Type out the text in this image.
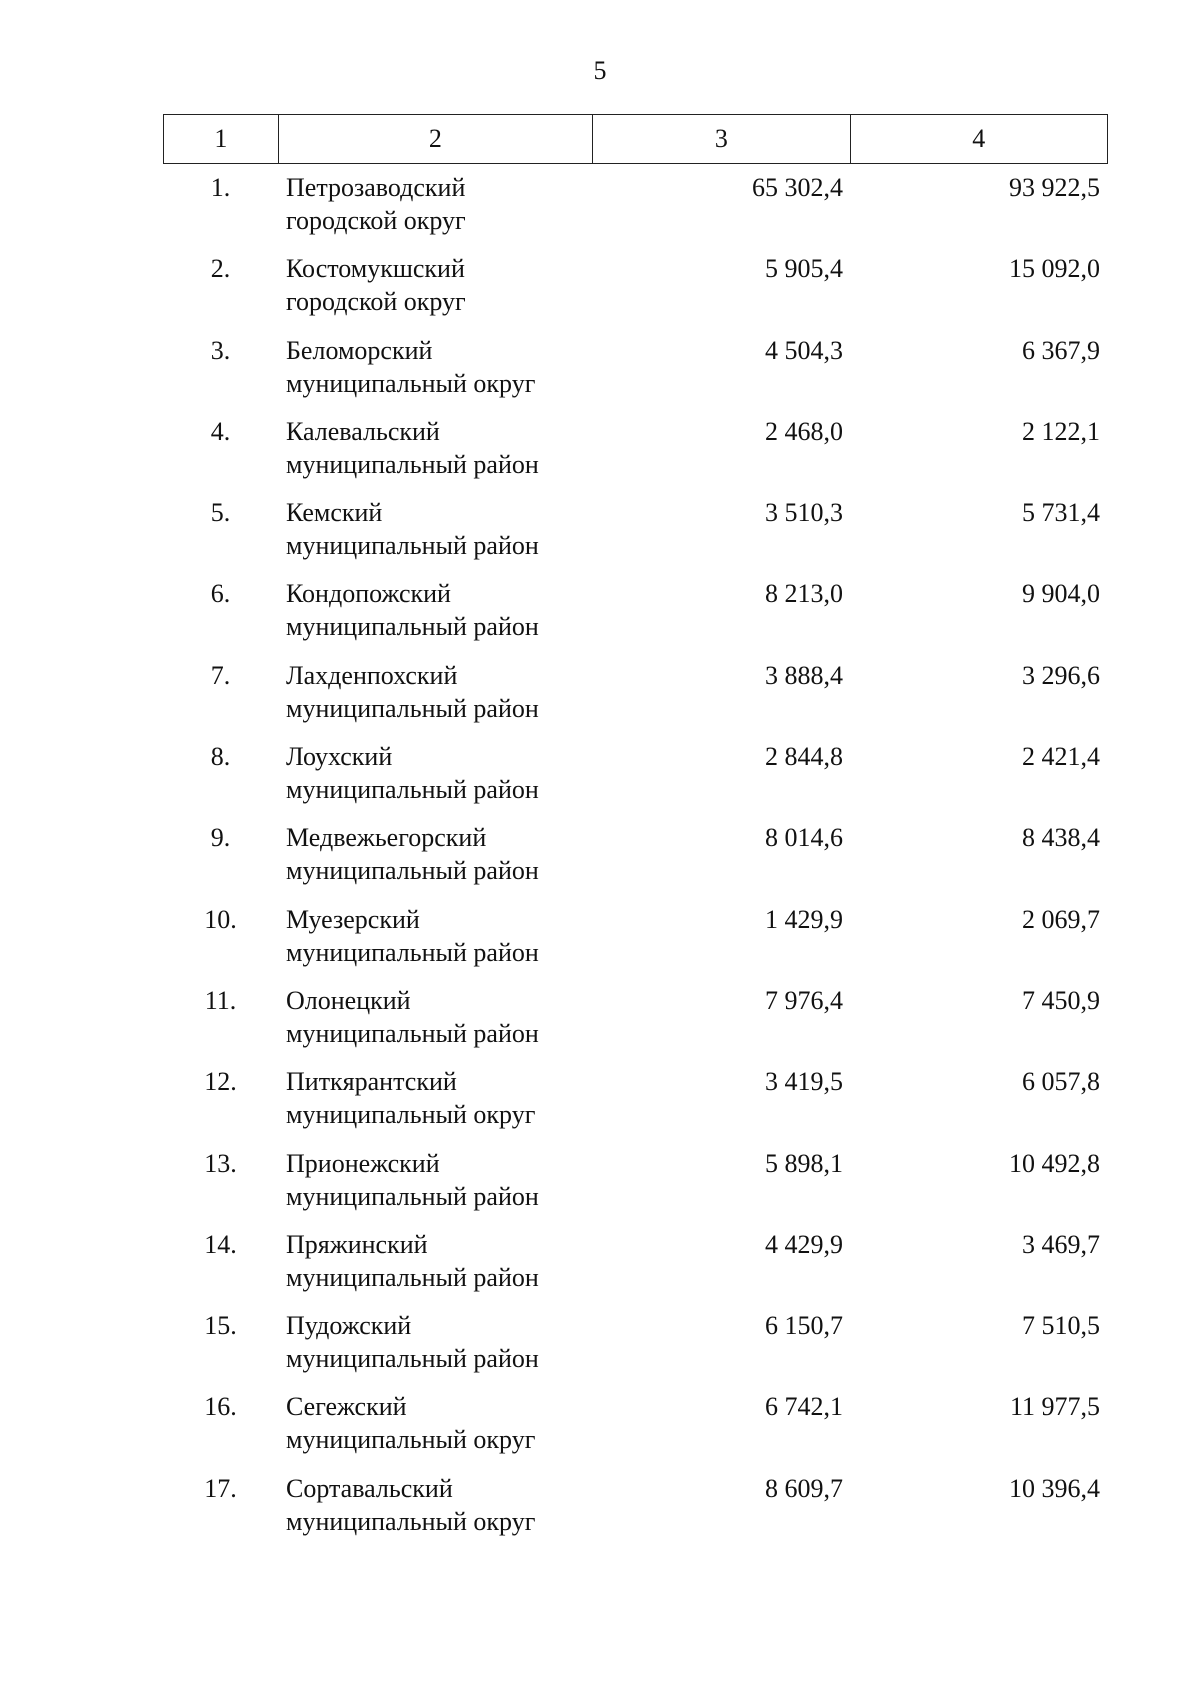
5
1	2	3	4
1.	Петрозаводский
городской округ
65 302,4	93 922,5
2.	Костомукшский
городской округ
5 905,4	15 092,0
3.	Беломорский
муниципальный округ
4 504,3	6 367,9
4.	Калевальский
муниципальный район
2 468,0	2 122,1
5.	Кемский
муниципальный район
3 510,3	5 731,4
6.	Кондопожский
муниципальный район
8 213,0	9 904,0
7.	Лахденпохский
муниципальный район
3 888,4	3 296,6
8.	Лоухский
муниципальный район
2 844,8	2 421,4
9.	Медвежьегорский
муниципальный район
8 014,6	8 438,4
10.	Муезерский
муниципальный район
1 429,9	2 069,7
11.	Олонецкий
муниципальный район
7 976,4	7 450,9
12.	Питкярантский
муниципальный округ
3 419,5	6 057,8
13.	Прионежский
муниципальный район
5 898,1	10 492,8
14.	Пряжинский
муниципальный район
4 429,9	3 469,7
15.	Пудожский
муниципальный район
6 150,7	7 510,5
16.	Сегежский
муниципальный округ
6 742,1	11 977,5
17.	Сортавальский
муниципальный округ
8 609,7	10 396,4
